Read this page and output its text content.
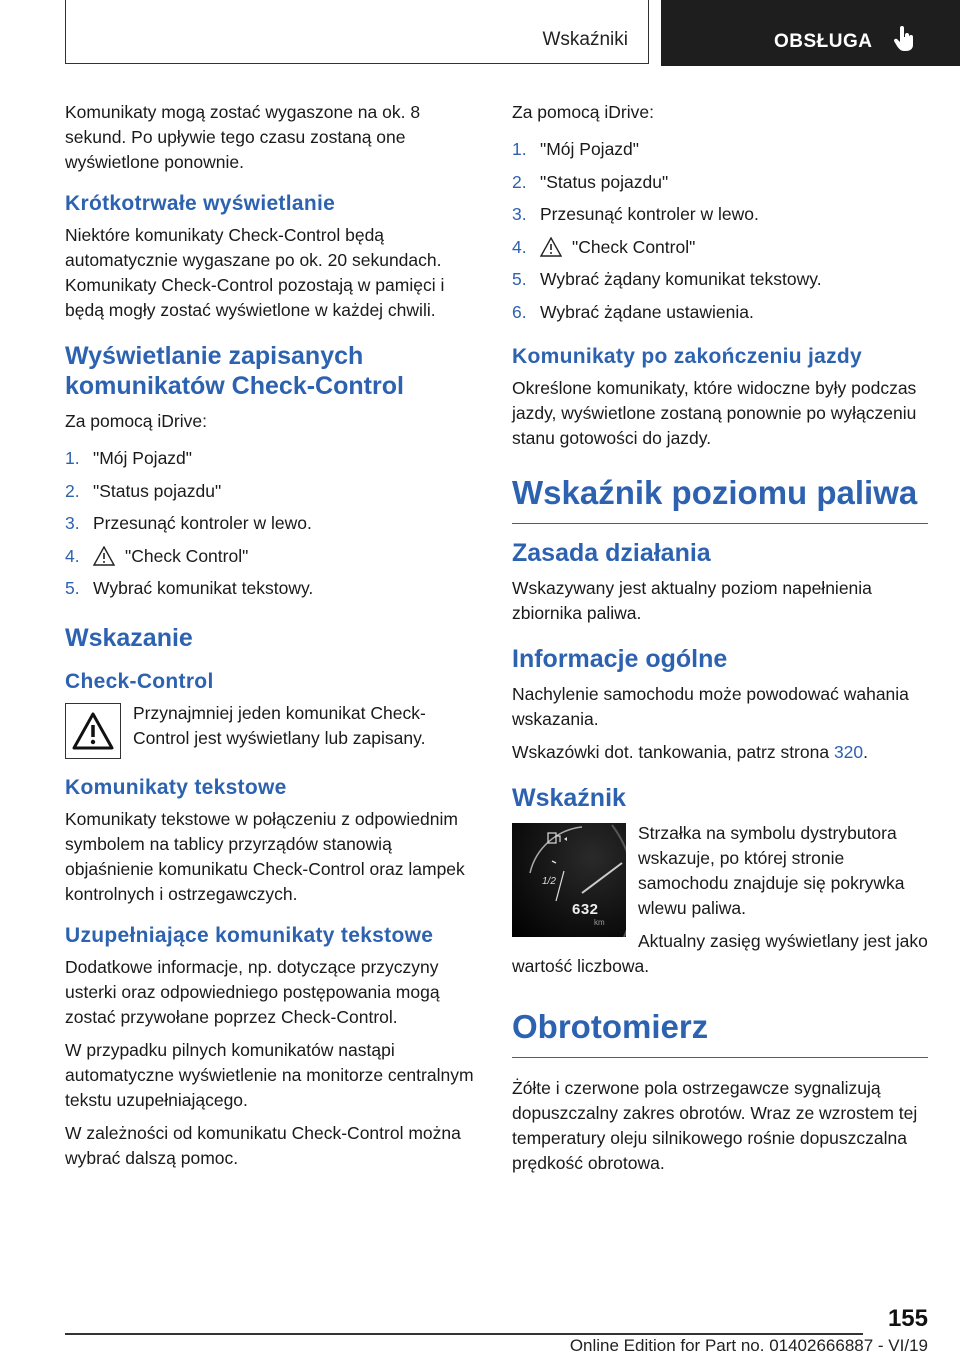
Wskaźniki	OBSŁUGA

Komunikaty mogą zostać wygaszone na ok. 8 sekund. Po upływie tego czasu zostaną one wyświetlone ponownie.

Krótkotrwałe wyświetlanie

Niektóre komunikaty Check-Control będą automatycznie wygaszane po ok. 20 sekundach. Komunikaty Check-Control pozostają w pamięci i będą mogły zostać wyświetlone w każdej chwili.

Wyświetlanie zapisanych komunikatów Check-Control

Za pomocą iDrive:

1. "Mój Pojazd"
2. "Status pojazdu"
3. Przesunąć kontroler w lewo.
4.	"Check Control"
5. Wybrać komunikat tekstowy.
Wskazanie
Check-Control

Przynajmniej jeden komunikat Check-Control jest wyświetlany lub zapisany.

Komunikaty tekstowe

Komunikaty tekstowe w połączeniu z odpowiednim symbolem na tablicy przyrządów stanowią objaśnienie komunikatu Check-Control oraz lampek kontrolnych i ostrzegawczych.

Uzupełniające komunikaty tekstowe

Dodatkowe informacje, np. dotyczące przyczyny usterki oraz odpowiedniego postępowania mogą zostać przywołane poprzez Check-Control.

W przypadku pilnych komunikatów nastąpi automatyczne wyświetlenie na monitorze centralnym tekstu uzupełniającego.

W zależności od komunikatu Check-Control można wybrać dalszą pomoc.

Za pomocą iDrive:

1. "Mój Pojazd"
2. "Status pojazdu"
3. Przesunąć kontroler w lewo.
4.	"Check Control"
5. Wybrać żądany komunikat tekstowy.
6. Wybrać żądane ustawienia.
Komunikaty po zakończeniu jazdy

Określone komunikaty, które widoczne były podczas jazdy, wyświetlone zostaną ponownie po wyłączeniu stanu gotowości do jazdy.

Wskaźnik poziomu paliwa
Zasada działania

Wskazywany jest aktualny poziom napełnienia zbiornika paliwa.

Informacje ogólne

Nachylenie samochodu może powodować wahania wskazania.

Wskazówki dot. tankowania, patrz strona 320.

Wskaźnik
1/2
632
km

Strzałka na symbolu dystrybutora wskazuje, po której stronie samochodu znajduje się pokrywka wlewu paliwa.

Aktualny zasięg wyświetlany jest jako wartość liczbowa.

Obrotomierz

Żółte i czerwone pola ostrzegawcze sygnalizują dopuszczalny zakres obrotów. Wraz ze wzrostem tej temperatury oleju silnikowego rośnie dopuszczalna prędkość obrotowa.

155
Online Edition for Part no. 01402666887 - VI/19
